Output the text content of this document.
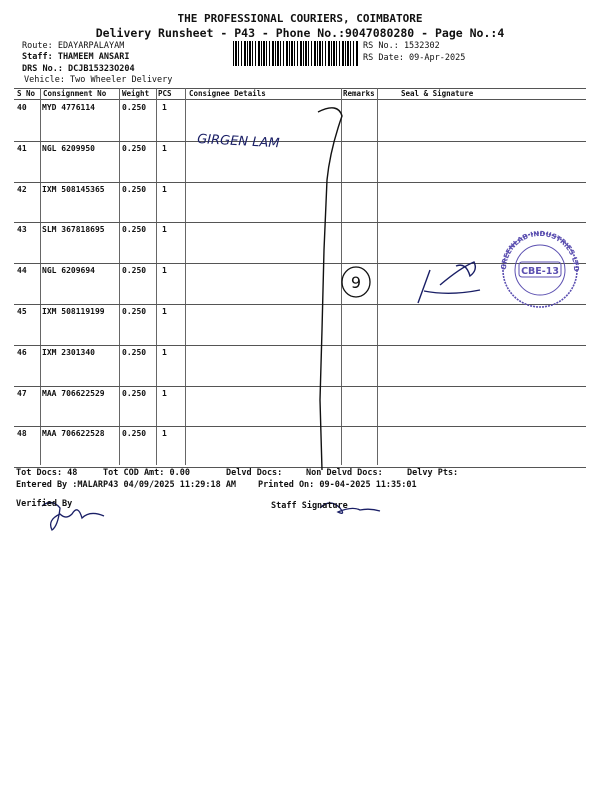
THE PROFESSIONAL COURIERS, COIMBATORE
Delivery Runsheet - P43 - Phone No.:9047080280 - Page No.:4
Route: EDAYARPALAYAM
Staff: THAMEEM ANSARI
DRS No.: DCJB15323O204
Vehicle: Two Wheeler Delivery
RS No.: 1532302
RS Date: 09-Apr-2025
S No Consignment No Weight PCS Consignee Details	Remarks	Seal & Signature
40 MYD 4776114	0.250 1
41 NGL 6209950	0.250 1
42 IXM 508145365 0.250 1
43 SLM 367818695 0.250 1
44 NGL 6209694	0.250 1
45 IXM 508119199 0.250 1
46 IXM 2301340	0.250 1
47 MAA 706622529 0.250 1
48 MAA 706622528 0.250 1
GIRGEN LAM
9
CBE-13
GREENLAB INDUSTRIES LTD
Tot Docs: 48	Tot COD Amt: 0.00	Delvd Docs:	Non Delvd Docs:	Delvy Pts:
Entered By :MALARP43 04/09/2025 11:29:18 AM	Printed On: 09-04-2025 11:35:01
Verified By	Staff Signature
